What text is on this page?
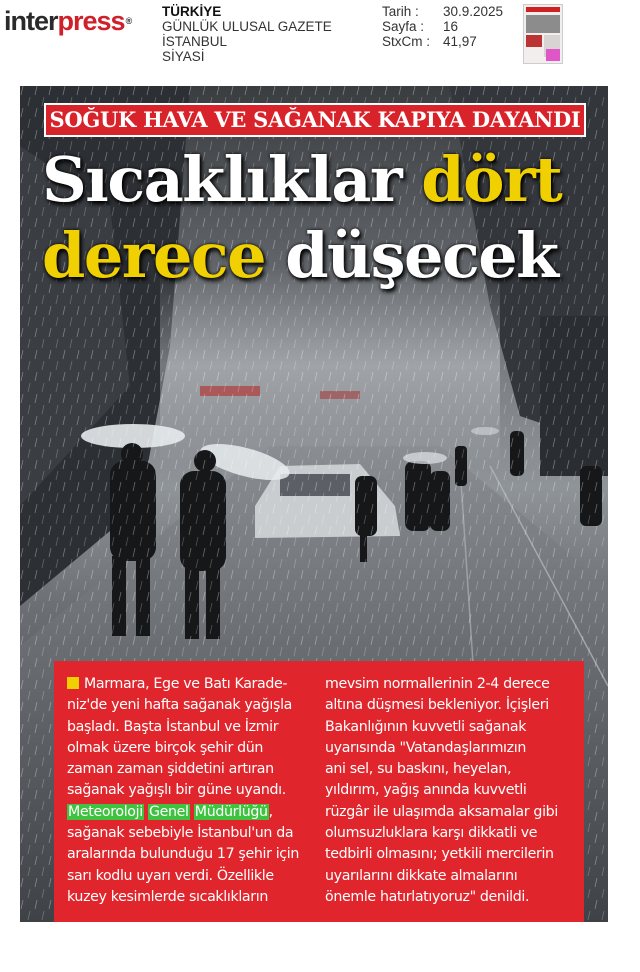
interpress®
TÜRKİYE
GÜNLÜK ULUSAL GAZETE
İSTANBUL
SİYASİ
Tarih :
Sayfa :
StxCm :
30.9.2025
16
41,97
SOĞUK HAVA VE SAĞANAK KAPIYA DAYANDI
Sıcaklıklar dört
derece düşecek
Marmara, Ege ve Batı Karade-
niz'de yeni hafta sağanak yağışla
başladı. Başta İstanbul ve İzmir
olmak üzere birçok şehir dün
zaman zaman şiddetini artıran
sağanak yağışlı bir güne uyandı.
Meteoroloji Genel Müdürlüğü,
sağanak sebebiyle İstanbul'un da
aralarında bulunduğu 17 şehir için
sarı kodlu uyarı verdi. Özellikle
kuzey kesimlerde sıcaklıkların
mevsim normallerinin 2-4 derece
altına düşmesi bekleniyor. İçişleri
Bakanlığının kuvvetli sağanak
uyarısında "Vatandaşlarımızın
ani sel, su baskını, heyelan,
yıldırım, yağış anında kuvvetli
rüzgâr ile ulaşımda aksamalar gibi
olumsuzluklara karşı dikkatli ve
tedbirli olmasını; yetkili mercilerin
uyarılarını dikkate almalarını
önemle hatırlatıyoruz" denildi.
